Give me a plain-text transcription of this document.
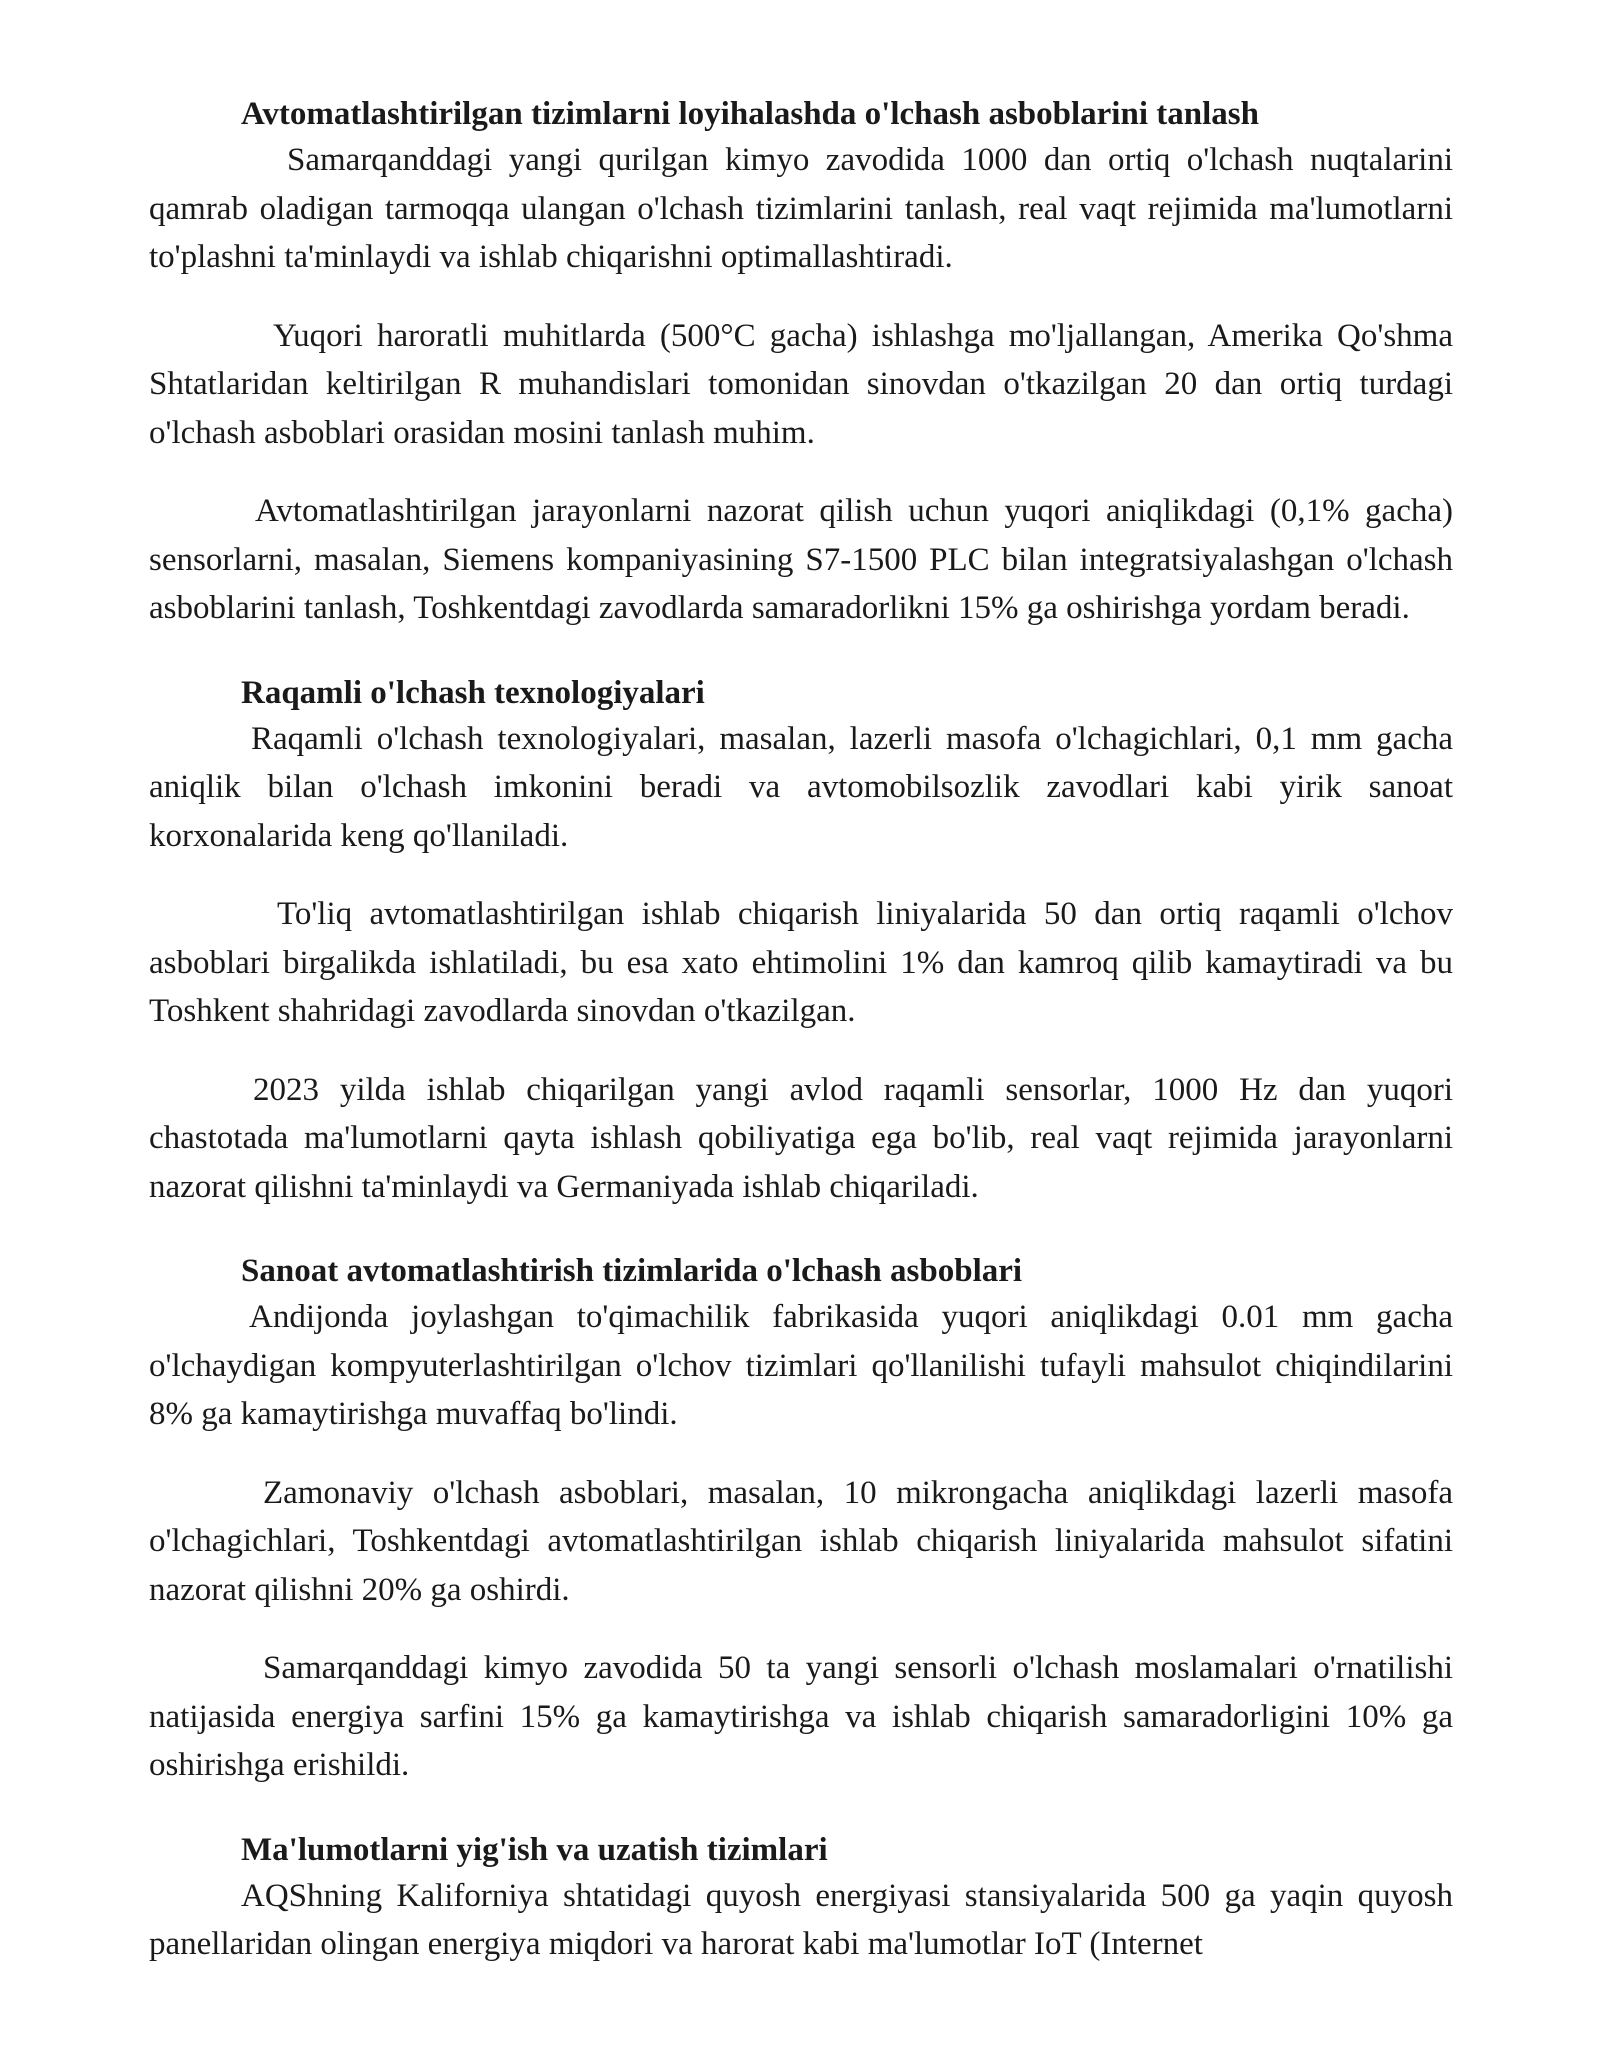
Avtomatlashtirilgan tizimlarni loyihalashda o'lchash asboblarini tanlash

Samarqanddagi yangi qurilgan kimyo zavodida 1000 dan ortiq o'lchash nuqtalarini qamrab oladigan tarmoqqa ulangan o'lchash tizimlarini tanlash, real vaqt rejimida ma'lumotlarni to'plashni ta'minlaydi va ishlab chiqarishni optimallashtiradi.

Yuqori haroratli muhitlarda (500°C gacha) ishlashga mo'ljallangan, Amerika Qo'shma Shtatlaridan keltirilgan R muhandislari tomonidan sinovdan o'tkazilgan 20 dan ortiq turdagi o'lchash asboblari orasidan mosini tanlash muhim.

Avtomatlashtirilgan jarayonlarni nazorat qilish uchun yuqori aniqlikdagi (0,1% gacha) sensorlarni, masalan, Siemens kompaniyasining S7-1500 PLC bilan integratsiyalashgan o'lchash asboblarini tanlash, Toshkentdagi zavodlarda samaradorlikni 15% ga oshirishga yordam beradi.

Raqamli o'lchash texnologiyalari

Raqamli o'lchash texnologiyalari, masalan, lazerli masofa o'lchagichlari, 0,1 mm gacha aniqlik bilan o'lchash imkonini beradi va avtomobilsozlik zavodlari kabi yirik sanoat korxonalarida keng qo'llaniladi.

To'liq avtomatlashtirilgan ishlab chiqarish liniyalarida 50 dan ortiq raqamli o'lchov asboblari birgalikda ishlatiladi, bu esa xato ehtimolini 1% dan kamroq qilib kamaytiradi va bu Toshkent shahridagi zavodlarda sinovdan o'tkazilgan.

2023 yilda ishlab chiqarilgan yangi avlod raqamli sensorlar, 1000 Hz dan yuqori chastotada ma'lumotlarni qayta ishlash qobiliyatiga ega bo'lib, real vaqt rejimida jarayonlarni nazorat qilishni ta'minlaydi va Germaniyada ishlab chiqariladi.

Sanoat avtomatlashtirish tizimlarida o'lchash asboblari

Andijonda joylashgan to'qimachilik fabrikasida yuqori aniqlikdagi 0.01 mm gacha o'lchaydigan kompyuterlashtirilgan o'lchov tizimlari qo'llanilishi tufayli mahsulot chiqindilarini 8% ga kamaytirishga muvaffaq bo'lindi.

Zamonaviy o'lchash asboblari, masalan, 10 mikrongacha aniqlikdagi lazerli masofa o'lchagichlari, Toshkentdagi avtomatlashtirilgan ishlab chiqarish liniyalarida mahsulot sifatini nazorat qilishni 20% ga oshirdi.

Samarqanddagi kimyo zavodida 50 ta yangi sensorli o'lchash moslamalari o'rnatilishi natijasida energiya sarfini 15% ga kamaytirishga va ishlab chiqarish samaradorligini 10% ga oshirishga erishildi.

Ma'lumotlarni yig'ish va uzatish tizimlari

AQShning Kaliforniya shtatidagi quyosh energiyasi stansiyalarida 500 ga yaqin quyosh panellaridan olingan energiya miqdori va harorat kabi ma'lumotlar IoT (Internet
